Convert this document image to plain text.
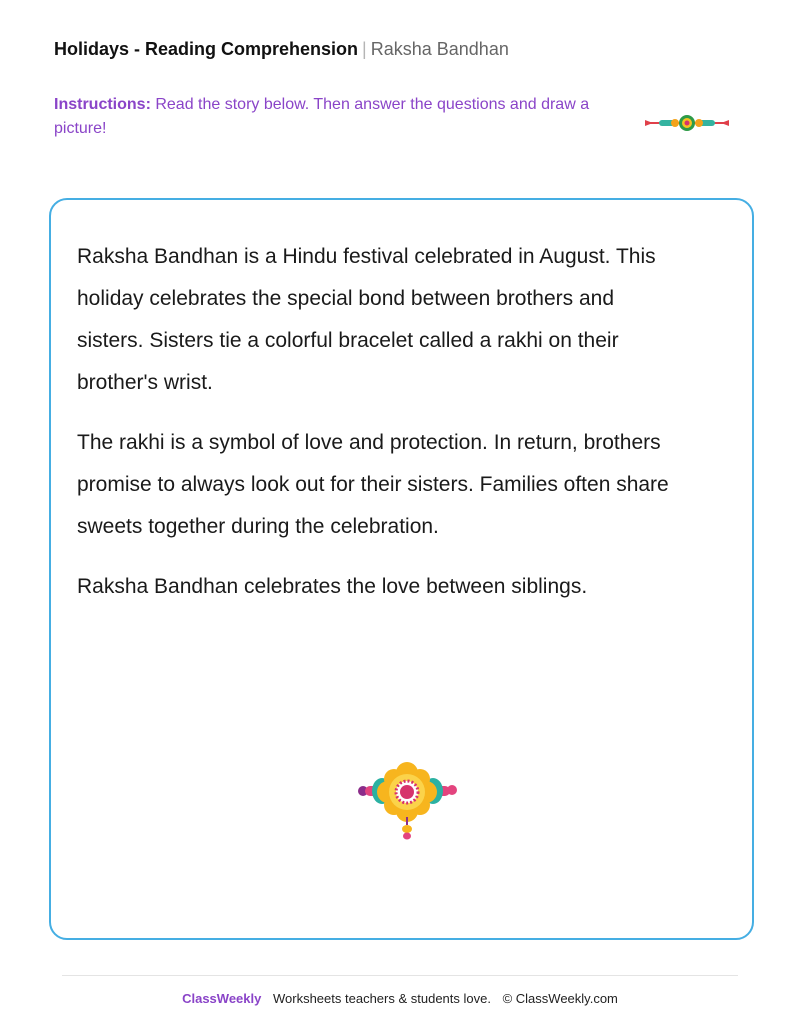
Holidays - Reading Comprehension | Raksha Bandhan
Instructions: Read the story below. Then answer the questions and draw a picture!

Raksha Bandhan is a Hindu festival celebrated in August. This holiday celebrates the special bond between brothers and sisters. Sisters tie a colorful bracelet called a rakhi on their brother's wrist.

The rakhi is a symbol of love and protection. In return, brothers promise to always look out for their sisters. Families often share sweets together during the celebration.

Raksha Bandhan celebrates the love between siblings.

ClassWeekly Worksheets teachers & students love. © ClassWeekly.com
